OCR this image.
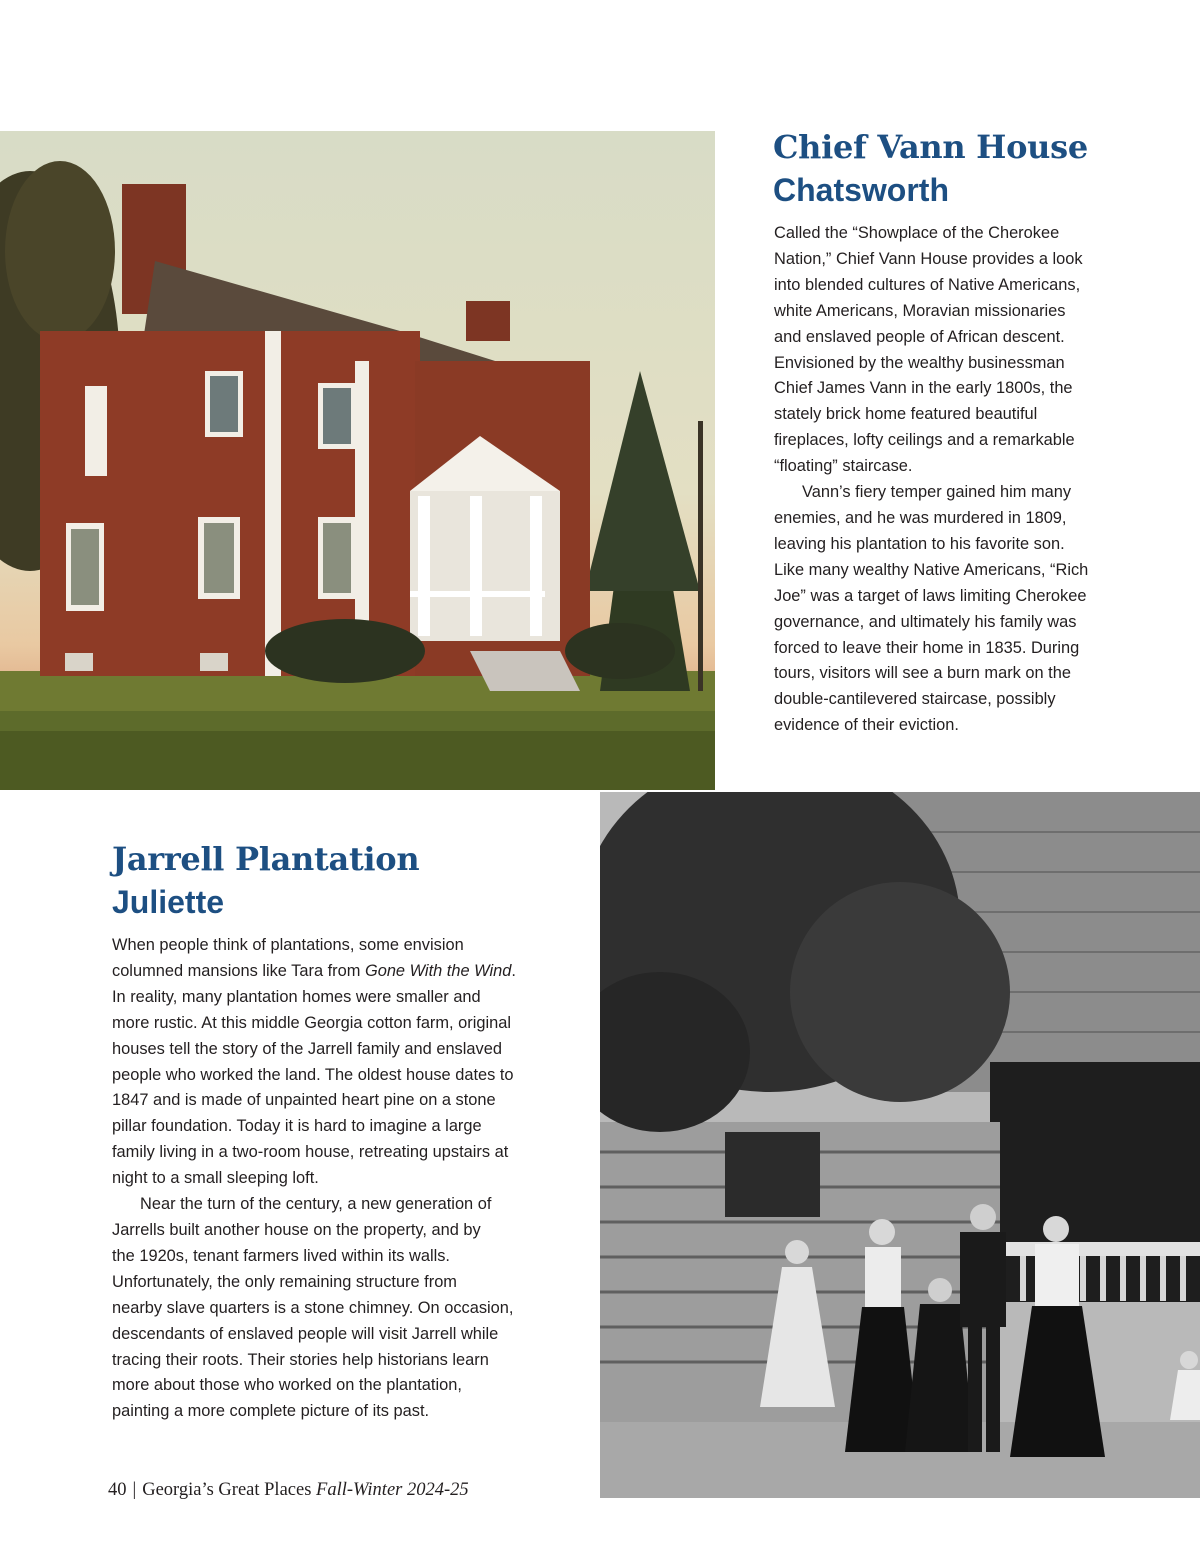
Chief Vann House
Chatsworth

Called the “Showplace of the Cherokee
Nation,” Chief Vann House provides a look
into blended cultures of Native Americans,
white Americans, Moravian missionaries
and enslaved people of African descent.
Envisioned by the wealthy businessman
Chief James Vann in the early 1800s, the
stately brick home featured beautiful
fireplaces, lofty ceilings and a remarkable
“floating” staircase.

Vann’s fiery temper gained him many
enemies, and he was murdered in 1809,
leaving his plantation to his favorite son.
Like many wealthy Native Americans, “Rich
Joe” was a target of laws limiting Cherokee
governance, and ultimately his family was
forced to leave their home in 1835. During
tours, visitors will see a burn mark on the
double-cantilevered staircase, possibly
evidence of their eviction.

Jarrell Plantation
Juliette

When people think of plantations, some envision
columned mansions like Tara from Gone With the Wind.
In reality, many plantation homes were smaller and
more rustic. At this middle Georgia cotton farm, original
houses tell the story of the Jarrell family and enslaved
people who worked the land. The oldest house dates to
1847 and is made of unpainted heart pine on a stone
pillar foundation. Today it is hard to imagine a large
family living in a two-room house, retreating upstairs at
night to a small sleeping loft.

Near the turn of the century, a new generation of
Jarrells built another house on the property, and by
the 1920s, tenant farmers lived within its walls.
Unfortunately, the only remaining structure from
nearby slave quarters is a stone chimney. On occasion,
descendants of enslaved people will visit Jarrell while
tracing their roots. Their stories help historians learn
more about those who worked on the plantation,
painting a more complete picture of its past.

40 | Georgia’s Great Places Fall-Winter 2024-25
